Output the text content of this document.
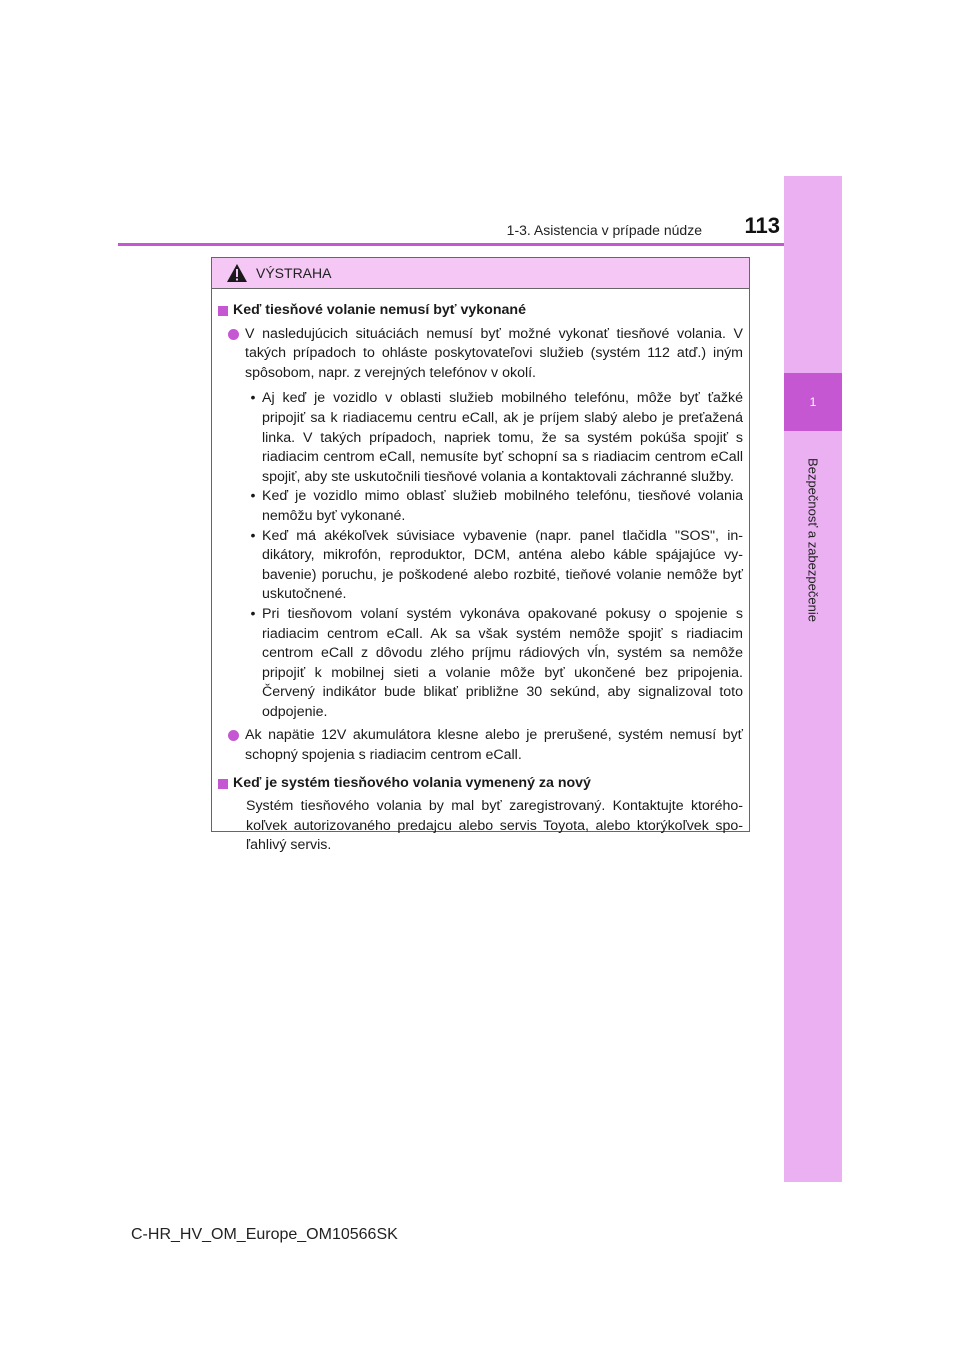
1
Bezpečnosť a zabezpečenie
1-3. Asistencia v prípade núdze	113
VÝSTRAHA
Keď tiesňové volanie nemusí byť vykonané
V nasledujúcich situáciách nemusí byť možné vykonať tiesňové volania. V takých prípadoch to ohláste poskytovateľovi služieb (systém 112 atď.) iným spôsobom, napr. z verejných telefónov v okolí.
• Aj keď je vozidlo v oblasti služieb mobilného telefónu, môže byť ťažké pripojiť sa k riadiacemu centru eCall, ak je príjem slabý alebo je preťažená linka. V takých prípadoch, napriek tomu, že sa systém pokúša spojiť s riadiacim centrom eCall, nemusíte byť schopní sa s riadiacim centrom eCall spojiť, aby ste uskutočnili tiesňové volania a kontaktovali záchranné služby.
• Keď je vozidlo mimo oblasť služieb mobilného telefónu, tiesňové volania nemôžu byť vykonané.
• Keď má akékoľvek súvisiace vybavenie (napr. panel tlačidla "SOS", indikátory, mikrofón, reproduktor, DCM, anténa alebo káble spájajúce vybavenie) poruchu, je poškodené alebo rozbité, tieňové volanie nemôže byť uskutočnené.
• Pri tiesňovom volaní systém vykonáva opakované pokusy o spojenie s riadiacim centrom eCall. Ak sa však systém nemôže spojiť s riadiacim centrom eCall z dôvodu zlého príjmu rádiových vĺn, systém sa nemôže pripojiť k mobilnej sieti a volanie môže byť ukončené bez pripojenia. Červený indikátor bude blikať približne 30 sekúnd, aby signalizoval toto odpojenie.
Ak napätie 12V akumulátora klesne alebo je prerušené, systém nemusí byť schopný spojenia s riadiacim centrom eCall.
Keď je systém tiesňového volania vymenený za nový
Systém tiesňového volania by mal byť zaregistrovaný. Kontaktujte ktoréhokoľvek autorizovaného predajcu alebo servis Toyota, alebo ktorýkoľvek spoľahlivý servis.
C-HR_HV_OM_Europe_OM10566SK
